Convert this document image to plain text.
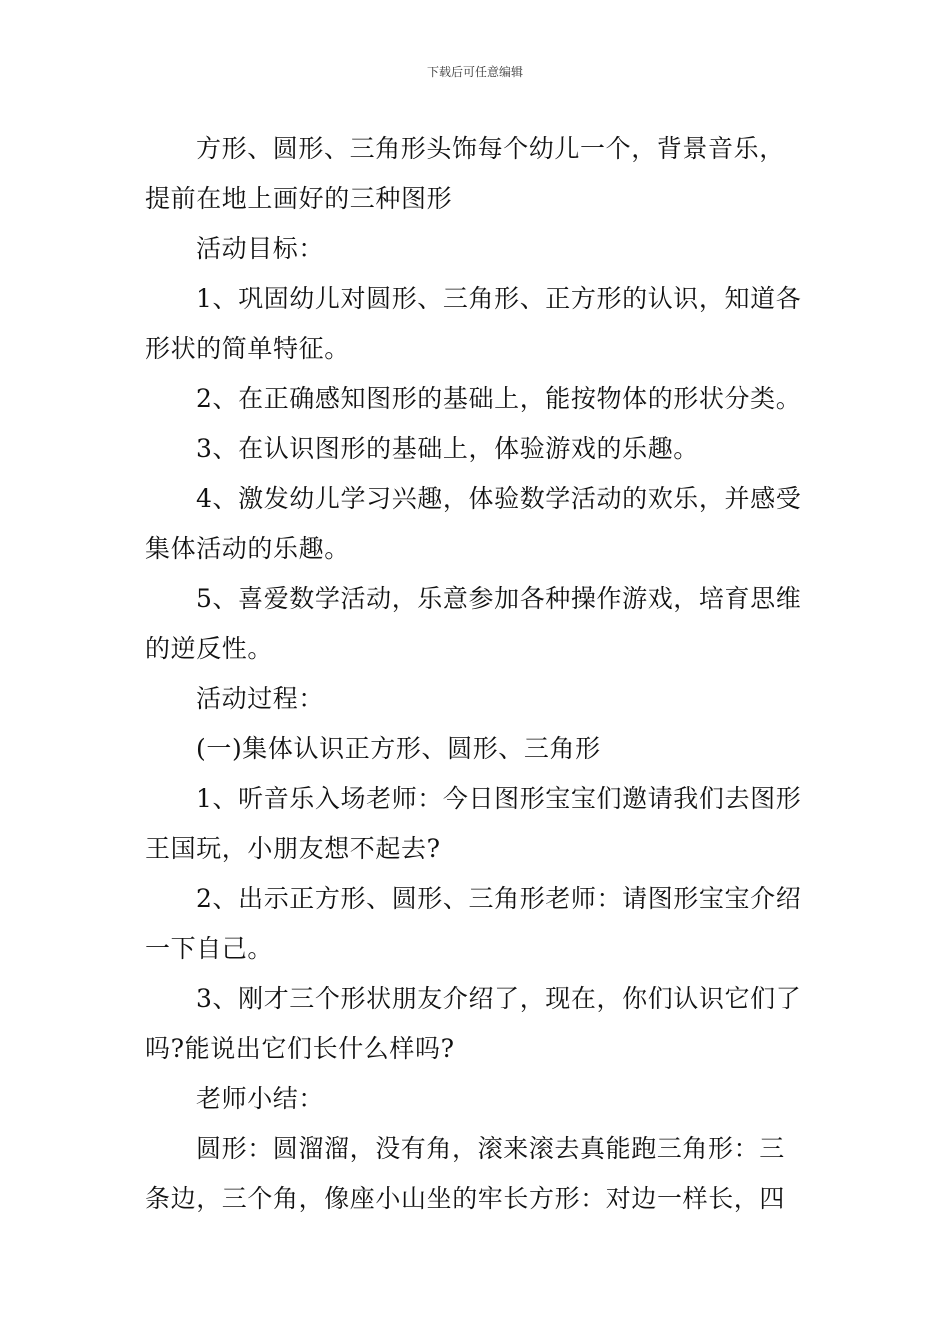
下载后可任意编辑
方形、圆形、三角形头饰每个幼儿一个，背景音乐，
提前在地上画好的三种图形
活动目标：
1、巩固幼儿对圆形、三角形、正方形的认识，知道各
形状的简单特征。
2、在正确感知图形的基础上，能按物体的形状分类。
3、在认识图形的基础上，体验游戏的乐趣。
4、激发幼儿学习兴趣，体验数学活动的欢乐，并感受
集体活动的乐趣。
5、喜爱数学活动，乐意参加各种操作游戏，培育思维
的逆反性。
活动过程：
(一)集体认识正方形、圆形、三角形
1、听音乐入场老师：今日图形宝宝们邀请我们去图形
王国玩，小朋友想不起去?
2、出示正方形、圆形、三角形老师：请图形宝宝介绍
一下自己。
3、刚才三个形状朋友介绍了，现在，你们认识它们了
吗?能说出它们长什么样吗?
老师小结：
圆形：圆溜溜，没有角，滚来滚去真能跑三角形：三
条边，三个角，像座小山坐的牢长方形：对边一样长，四
